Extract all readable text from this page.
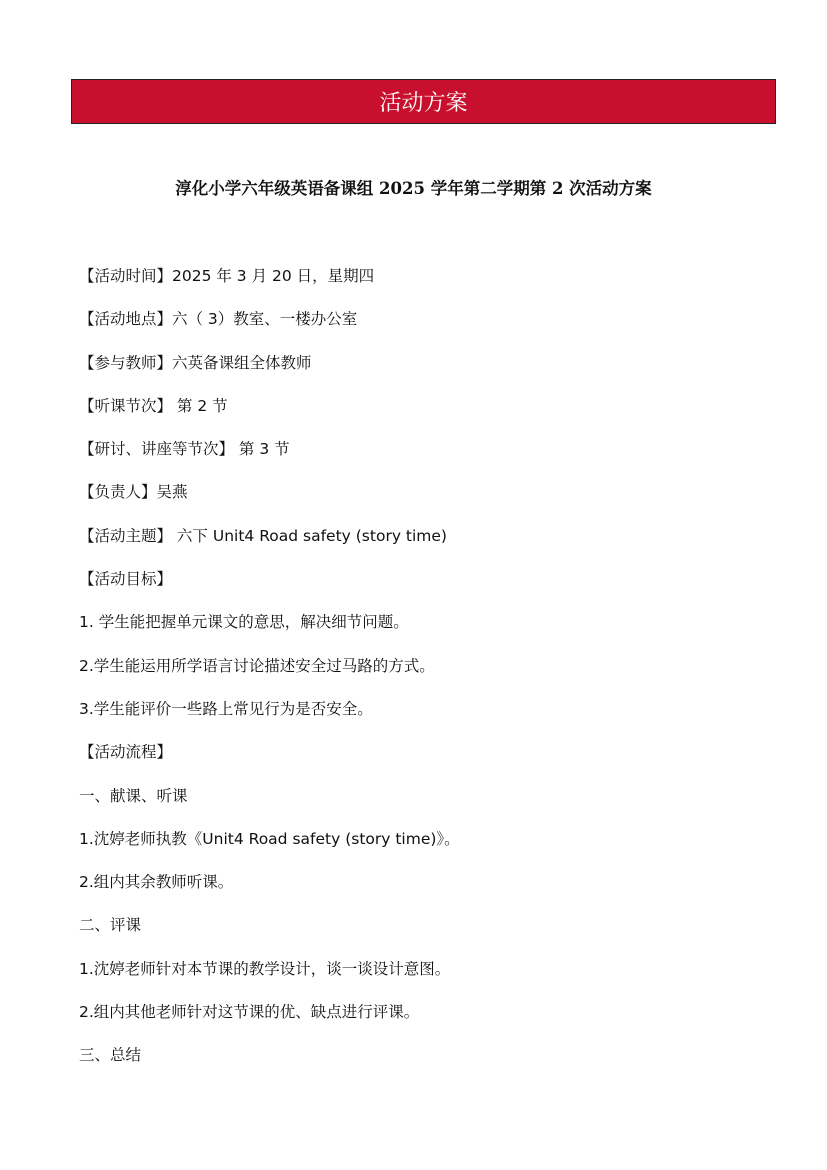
活动方案
淳化小学六年级英语备课组 2025 学年第二学期第 2 次活动方案
【活动时间】2025 年 3 月 20 日，星期四
【活动地点】六（ 3）教室、一楼办公室
【参与教师】六英备课组全体教师
【听课节次】 第 2 节
【研讨、讲座等节次】 第 3 节
【负责人】吴燕
【活动主题】 六下 Unit4 Road safety (story time)
【活动目标】
1. 学生能把握单元课文的意思，解决细节问题。
2.学生能运用所学语言讨论描述安全过马路的方式。
3.学生能评价一些路上常见行为是否安全。
【活动流程】
一、献课、听课
1.沈婷老师执教《Unit4 Road safety (story time)》。
2.组内其余教师听课。
二、评课
1.沈婷老师针对本节课的教学设计，谈一谈设计意图。
2.组内其他老师针对这节课的优、缺点进行评课。
三、总结
